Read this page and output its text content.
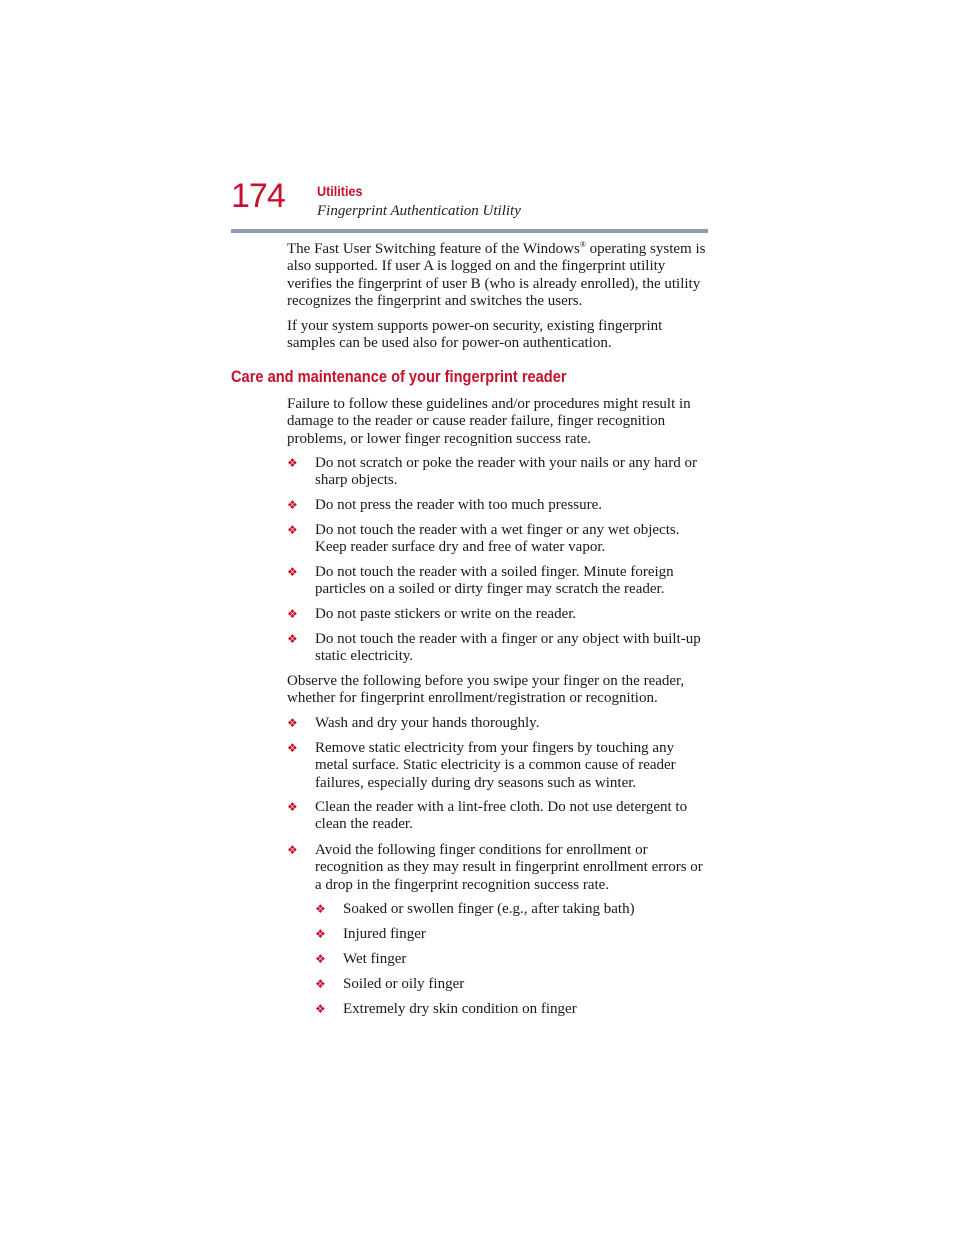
174 Utilities
Fingerprint Authentication Utility

The Fast User Switching feature of the Windows® operating system is also supported. If user A is logged on and the fingerprint utility verifies the fingerprint of user B (who is already enrolled), the utility recognizes the fingerprint and switches the users.

If your system supports power-on security, existing fingerprint samples can be used also for power-on authentication.

Care and maintenance of your fingerprint reader

Failure to follow these guidelines and/or procedures might result in damage to the reader or cause reader failure, finger recognition problems, or lower finger recognition success rate.

❖ Do not scratch or poke the reader with your nails or any hard or sharp objects.
❖ Do not press the reader with too much pressure.
❖ Do not touch the reader with a wet finger or any wet objects. Keep reader surface dry and free of water vapor.
❖ Do not touch the reader with a soiled finger. Minute foreign particles on a soiled or dirty finger may scratch the reader.
❖ Do not paste stickers or write on the reader.
❖ Do not touch the reader with a finger or any object with built-up static electricity.

Observe the following before you swipe your finger on the reader, whether for fingerprint enrollment/registration or recognition.

❖ Wash and dry your hands thoroughly.
❖ Remove static electricity from your fingers by touching any metal surface. Static electricity is a common cause of reader failures, especially during dry seasons such as winter.
❖ Clean the reader with a lint-free cloth. Do not use detergent to clean the reader.
❖ Avoid the following finger conditions for enrollment or recognition as they may result in fingerprint enrollment errors or a drop in the fingerprint recognition success rate.
❖ Soaked or swollen finger (e.g., after taking bath)
❖ Injured finger
❖ Wet finger
❖ Soiled or oily finger
❖ Extremely dry skin condition on finger
